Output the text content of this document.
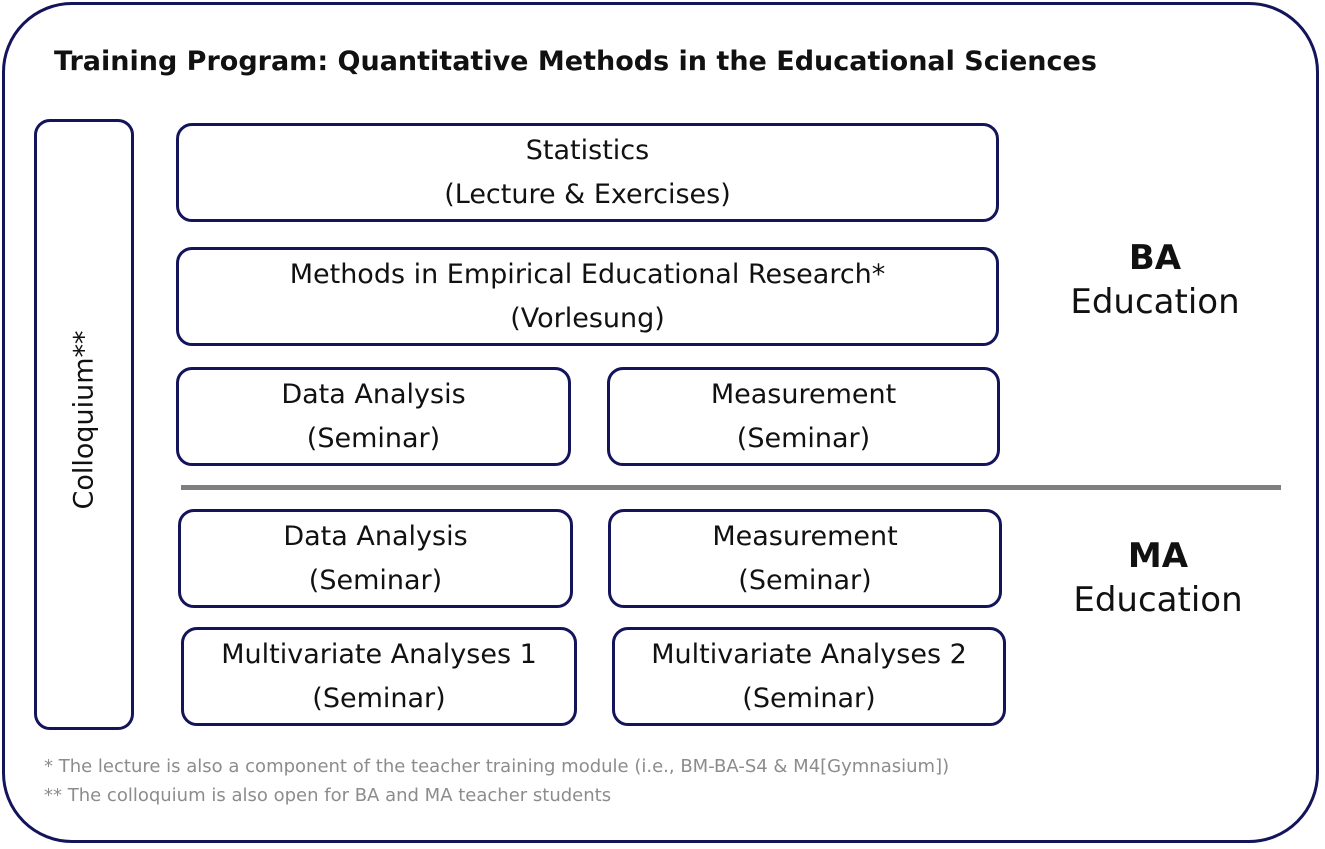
Training Program: Quantitative Methods in the Educational Sciences
Colloquium**
Statistics
(Lecture & Exercises)
Methods in Empirical Educational Research*
(Vorlesung)
Data Analysis
(Seminar)
Measurement
(Seminar)
BA
Education
Data Analysis
(Seminar)
Measurement
(Seminar)
Multivariate Analyses 1
(Seminar)
Multivariate Analyses 2
(Seminar)
MA
Education
* The lecture is also a component of the teacher training module (i.e., BM-BA-S4 & M4[Gymnasium])
** The colloquium is also open for BA and MA teacher students
